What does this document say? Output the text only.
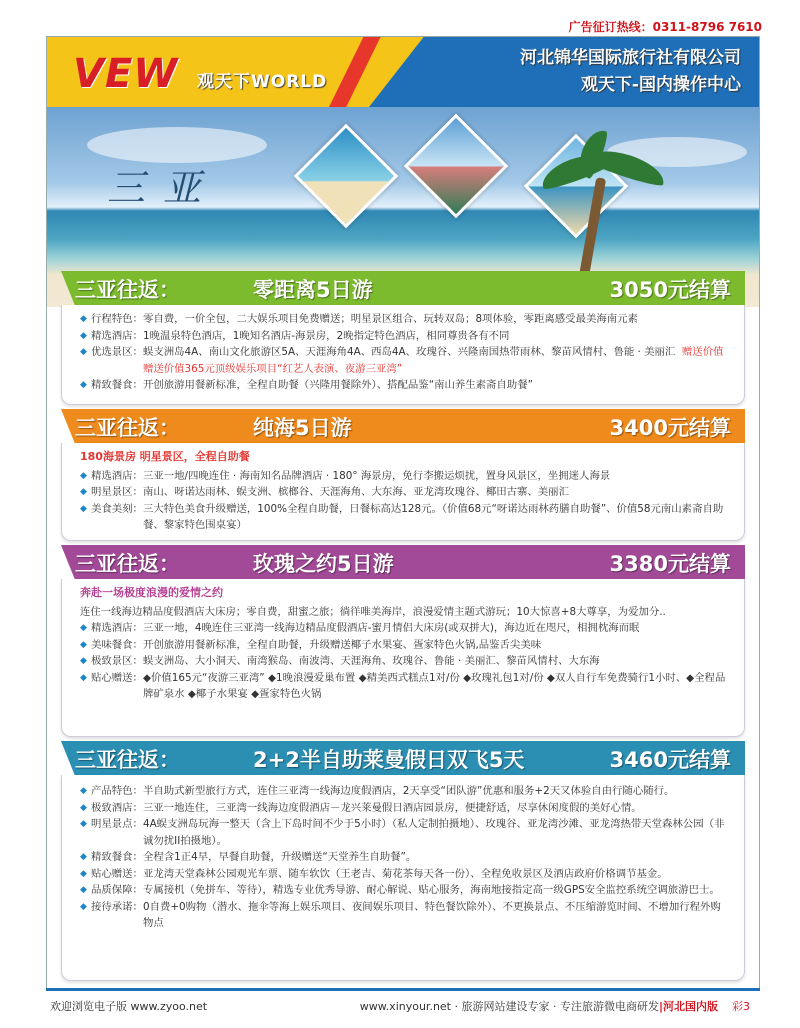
广告征订热线：0311-8796 7610
VEW 观天下WORLD
河北锦华国际旅行社有限公司
观天下-国内操作中心
三亚
三亚往返：	零距离5日游	3050元结算
◆ 行程特色： 零自费，一价全包，二大娱乐项目免费赠送；明星景区组合、玩转双岛；8项体验，零距离感受最美海南元素
◆ 精选酒店： 1晚温泉特色酒店，1晚知名酒店-海景房，2晚指定特色酒店，相同尊贵各有不同
◆ 优选景区： 蜈支洲岛4A、南山文化旅游区5A、天涯海角4A、西岛4A、玫瑰谷、兴隆南国热带雨林、黎苗风情村、鲁能 · 美丽汇 赠送价值赠送价值365元顶级娱乐项目“红艺人表演、夜游三亚湾”
◆ 精致餐食： 开创旅游用餐新标准，全程自助餐（兴隆用餐除外）、搭配品鉴“南山养生素斋自助餐”
三亚往返：	纯海5日游	3400元结算
180海景房 明星景区，全程自助餐
◆ 精选酒店： 三亚一地/四晚连住 · 海南知名品牌酒店 · 180° 海景房，免行李搬运烦扰，置身风景区，坐拥迷人海景
◆ 明星景区： 南山、呀诺达雨林、蜈支洲、槟榔谷、天涯海角、大东海、亚龙湾玫瑰谷、椰田古寨、美丽汇
◆ 美食美刻： 三大特色美食升级赠送，100%全程自助餐，日餐标高达128元。（价值68元“呀诺达雨林药膳自助餐”、价值58元南山素斋自助餐、黎家特色围桌宴）
三亚往返：	玫瑰之约5日游	3380元结算
奔赴一场极度浪漫的爱情之约
连住一线海边精品度假酒店大床房；零自费，甜蜜之旅；徜徉唯美海岸，浪漫爱情主题式游玩；10大惊喜+8大尊享，为爱加分..
◆ 精选酒店： 三亚一地，4晚连住三亚湾一线海边精品度假酒店-蜜月情侣大床房(或双拼大)，海边近在咫尺，相拥枕海而眠
◆ 美味餐食： 开创旅游用餐新标准，全程自助餐，升级赠送椰子水果宴、疍家特色火锅,品鉴舌尖美味
◆ 极致景区： 蜈支洲岛、大小洞天、南湾猴岛、南波湾、天涯海角、玫瑰谷、鲁能 · 美丽汇、黎苗风情村、大东海
◆ 贴心赠送： ◆价值165元“夜游三亚湾” ◆1晚浪漫爱巢布置 ◆精美西式糕点1对/份 ◆玫瑰礼包1对/份 ◆双人自行车免费骑行1小时、◆全程品牌矿泉水 ◆椰子水果宴 ◆疍家特色火锅
三亚往返：	2+2半自助莱曼假日双飞5天	3460元结算
◆ 产品特色： 半自助式新型旅行方式，连住三亚湾一线海边度假酒店，2天享受“团队游”优惠和服务+2天又体验自由行随心随行。
◆ 极致酒店： 三亚一地连住，三亚湾一线海边度假酒店－龙兴莱曼假日酒店园景房，便捷舒适，尽享休闲度假的美好心情。
◆ 明星景点： 4A蜈支洲岛玩海一整天（含上下岛时间不少于5小时）（私人定制拍摄地）、玫瑰谷、亚龙湾沙滩、亚龙湾热带天堂森林公园（非诚勿扰II拍摄地）。
◆ 精致餐食： 全程含1正4早，早餐自助餐，升级赠送“天堂养生自助餐”。
◆ 贴心赠送： 亚龙湾天堂森林公园观光车票、随车软饮（王老吉、菊花茶每天各一份）、全程免收景区及酒店政府价格调节基金。
◆ 品质保障： 专属接机（免拼车、等待），精选专业优秀导游、耐心解说、贴心服务，海南地接指定高一级GPS安全监控系统空调旅游巴士。
◆ 接待承诺： 0自费+0购物（潜水、拖伞等海上娱乐项目、夜间娱乐项目、特色餐饮除外）、不更换景点、不压缩游览时间、不增加行程外购物点
欢迎浏览电子版 www.zyoo.net	www.xinyour.net · 旅游网站建设专家 · 专注旅游微电商研发|河北国内版 彩3
